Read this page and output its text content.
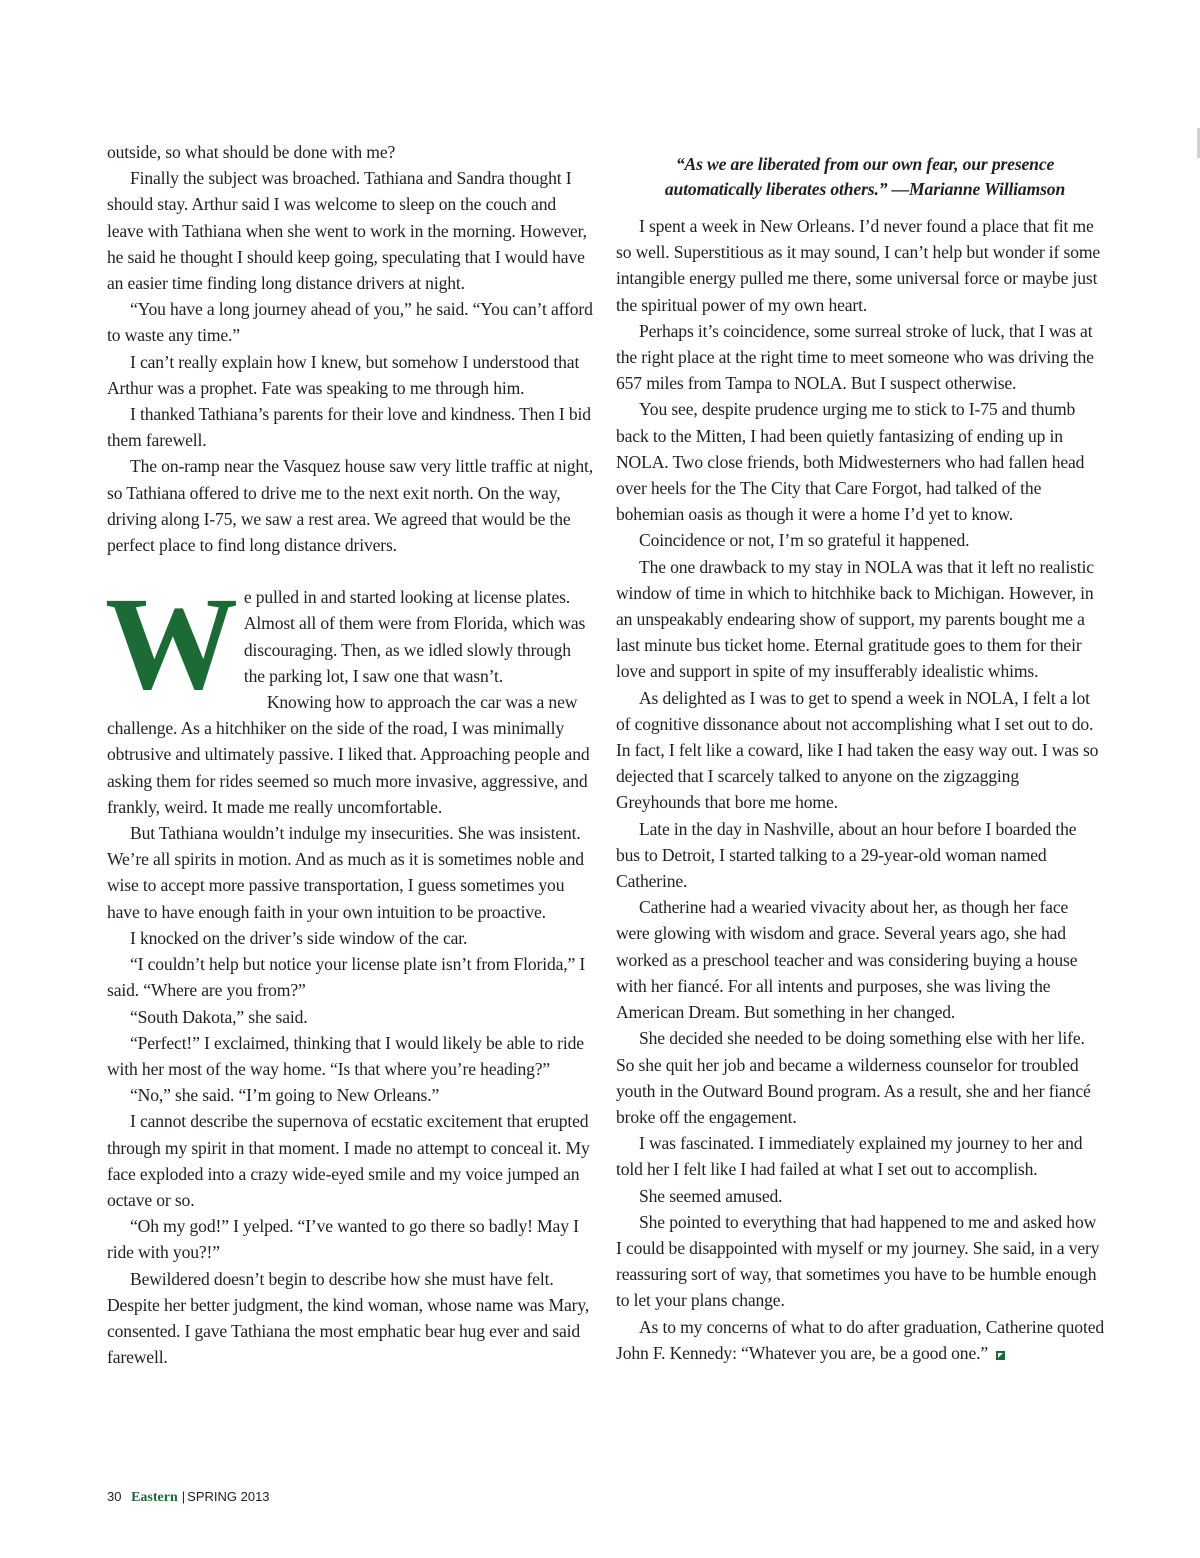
outside, so what should be done with me?

Finally the subject was broached. Tathiana and Sandra thought I should stay. Arthur said I was welcome to sleep on the couch and leave with Tathiana when she went to work in the morning. However, he said he thought I should keep going, speculating that I would have an easier time finding long distance drivers at night.

“You have a long journey ahead of you,” he said. “You can’t afford to waste any time.”

I can’t really explain how I knew, but somehow I understood that Arthur was a prophet. Fate was speaking to me through him.

I thanked Tathiana’s parents for their love and kindness. Then I bid them farewell.

The on-ramp near the Vasquez house saw very little traffic at night, so Tathiana offered to drive me to the next exit north. On the way, driving along I-75, we saw a rest area. We agreed that would be the perfect place to find long distance drivers.

We pulled in and started looking at license plates. Almost all of them were from Florida, which was discouraging. Then, as we idled slowly through the parking lot, I saw one that wasn’t.

Knowing how to approach the car was a new challenge. As a hitchhiker on the side of the road, I was minimally obtrusive and ultimately passive. I liked that. Approaching people and asking them for rides seemed so much more invasive, aggressive, and frankly, weird. It made me really uncomfortable.

But Tathiana wouldn’t indulge my insecurities. She was insistent. We’re all spirits in motion. And as much as it is sometimes noble and wise to accept more passive transportation, I guess sometimes you have to have enough faith in your own intuition to be proactive.

I knocked on the driver’s side window of the car.

“I couldn’t help but notice your license plate isn’t from Florida,” I said. “Where are you from?”

“South Dakota,” she said.

“Perfect!” I exclaimed, thinking that I would likely be able to ride with her most of the way home. “Is that where you’re heading?”

“No,” she said. “I’m going to New Orleans.”

I cannot describe the supernova of ecstatic excitement that erupted through my spirit in that moment. I made no attempt to conceal it. My face exploded into a crazy wide-eyed smile and my voice jumped an octave or so.

“Oh my god!” I yelped. “I’ve wanted to go there so badly! May I ride with you?!”

Bewildered doesn’t begin to describe how she must have felt. Despite her better judgment, the kind woman, whose name was Mary, consented. I gave Tathiana the most emphatic bear hug ever and said farewell.

“As we are liberated from our own fear, our presence
automatically liberates others.” —Marianne Williamson

I spent a week in New Orleans. I’d never found a place that fit me so well. Superstitious as it may sound, I can’t help but wonder if some intangible energy pulled me there, some universal force or maybe just the spiritual power of my own heart.

Perhaps it’s coincidence, some surreal stroke of luck, that I was at the right place at the right time to meet someone who was driving the 657 miles from Tampa to NOLA. But I suspect otherwise.

You see, despite prudence urging me to stick to I-75 and thumb back to the Mitten, I had been quietly fantasizing of ending up in NOLA. Two close friends, both Midwesterners who had fallen head over heels for the The City that Care Forgot, had talked of the bohemian oasis as though it were a home I’d yet to know.

Coincidence or not, I’m so grateful it happened.

The one drawback to my stay in NOLA was that it left no realistic window of time in which to hitchhike back to Michigan. However, in an unspeakably endearing show of support, my parents bought me a last minute bus ticket home. Eternal gratitude goes to them for their love and support in spite of my insufferably idealistic whims.

As delighted as I was to get to spend a week in NOLA, I felt a lot of cognitive dissonance about not accomplishing what I set out to do. In fact, I felt like a coward, like I had taken the easy way out. I was so dejected that I scarcely talked to anyone on the zigzagging Greyhounds that bore me home.

Late in the day in Nashville, about an hour before I boarded the bus to Detroit, I started talking to a 29-year-old woman named Catherine.

Catherine had a wearied vivacity about her, as though her face were glowing with wisdom and grace. Several years ago, she had worked as a preschool teacher and was considering buying a house with her fiancé. For all intents and purposes, she was living the American Dream. But something in her changed.

She decided she needed to be doing something else with her life. So she quit her job and became a wilderness counselor for troubled youth in the Outward Bound program. As a result, she and her fiancé broke off the engagement.

I was fascinated. I immediately explained my journey to her and told her I felt like I had failed at what I set out to accomplish.

She seemed amused.

She pointed to everything that had happened to me and asked how I could be disappointed with myself or my journey. She said, in a very reassuring sort of way, that sometimes you have to be humble enough to let your plans change.

As to my concerns of what to do after graduation, Catherine quoted John F. Kennedy: “Whatever you are, be a good one.”

30 Eastern | SPRING 2013
